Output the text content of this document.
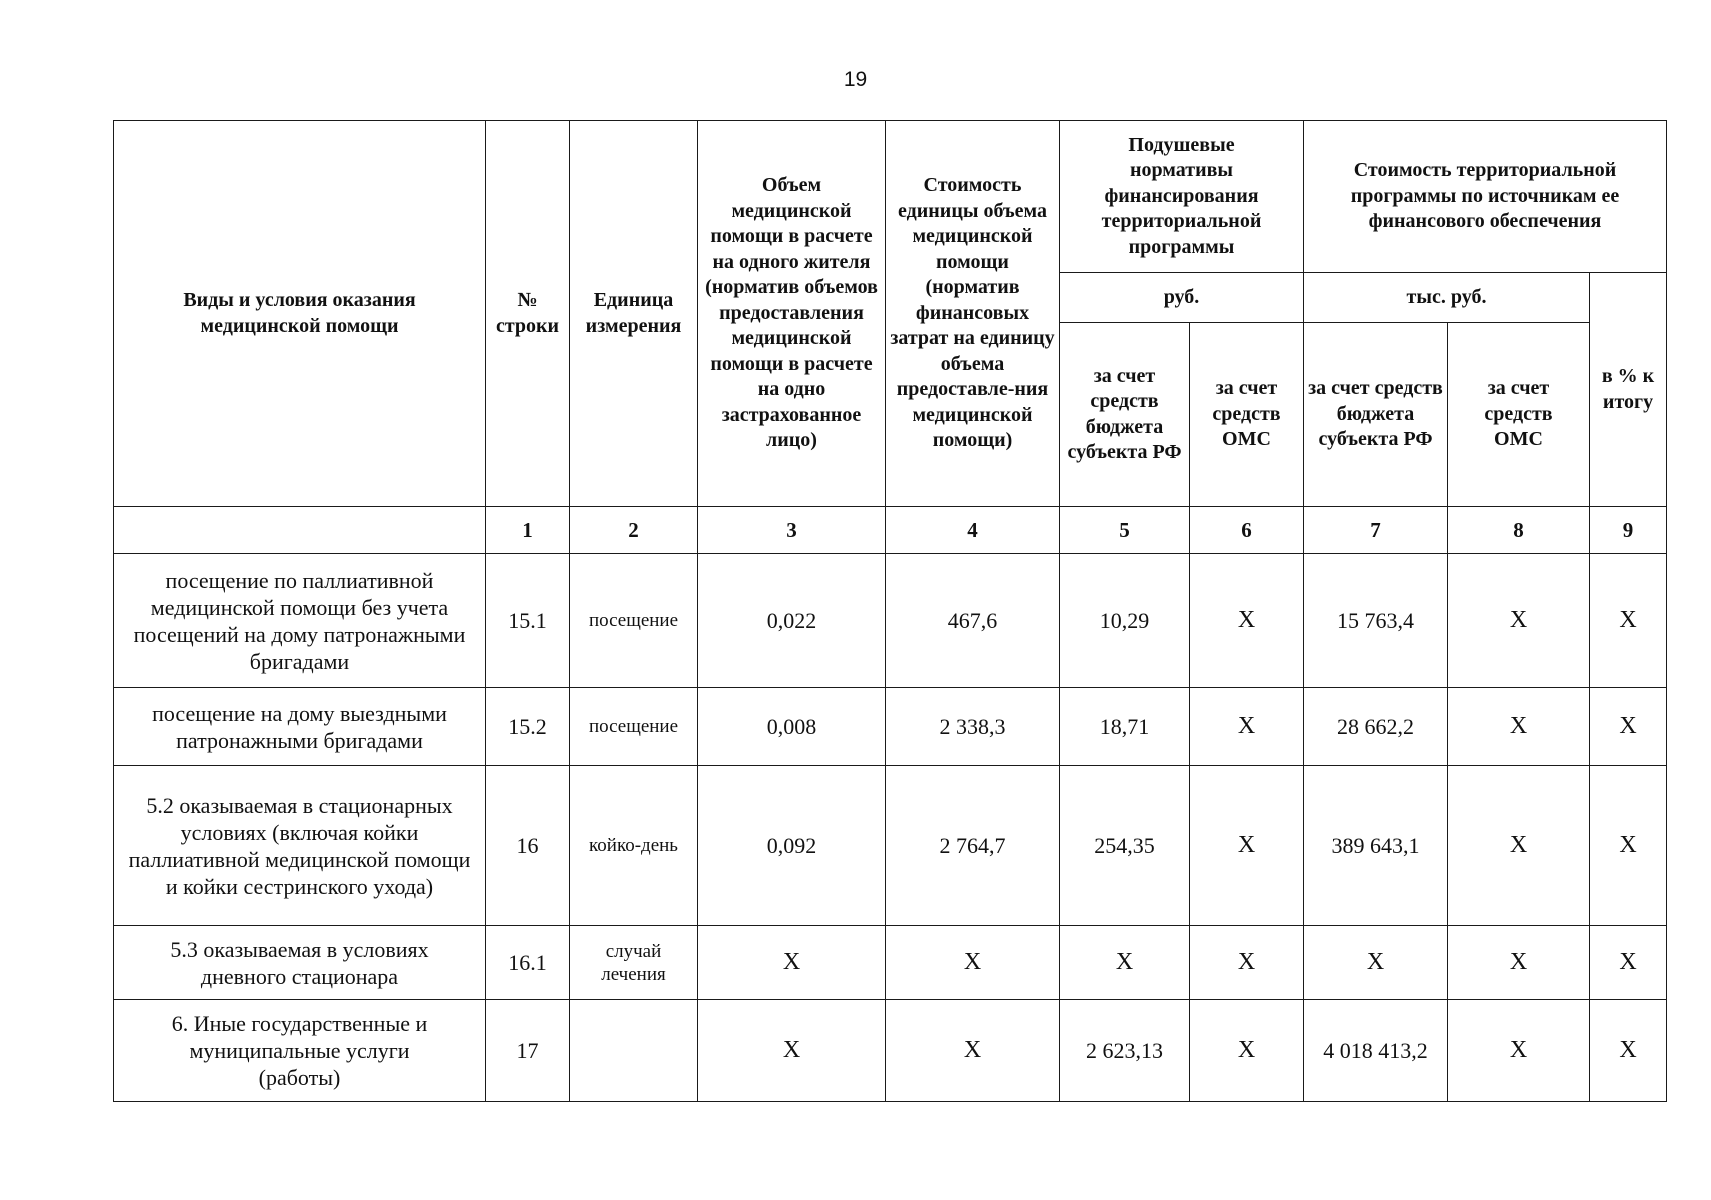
19
Виды и условия оказания медицинской помощи	№ строки	Единица измерения	Объем медицинской помощи в расчете на одного жителя (норматив объемов предоставления медицинской помощи в расчете на одно застрахованное лицо)	Стоимость единицы объема медицинской помощи (норматив финансовых затрат на единицу объема предоставле-ния медицинской помощи)	Подушевые нормативы финансирования территориальной программы		Стоимость территориальной программы по источникам ее финансового обеспечения		
					руб.		тыс. руб.		в % к итогу
					за счет средств бюджета субъекта РФ	за счет средств ОМС	за счет средств бюджета субъекта РФ	за счет средств ОМС	
	1	2	3	4	5	6	7	8	9
посещение по паллиативной медицинской помощи без учета посещений на дому патронажными бригадами	15.1	посещение	0,022	467,6	10,29	Х	15 763,4	Х	Х
посещение на дому выездными патронажными бригадами	15.2	посещение	0,008	2 338,3	18,71	Х	28 662,2	Х	Х
5.2 оказываемая в стационарных условиях (включая койки паллиативной медицинской помощи и койки сестринского ухода)	16	койко-день	0,092	2 764,7	254,35	Х	389 643,1	Х	Х
5.3 оказываемая в условиях дневного стационара	16.1	случай лечения	Х	Х	Х	Х	Х	Х	Х
6. Иные государственные и муниципальные услуги (работы)	17		Х	Х	2 623,13	Х	4 018 413,2	Х	Х
